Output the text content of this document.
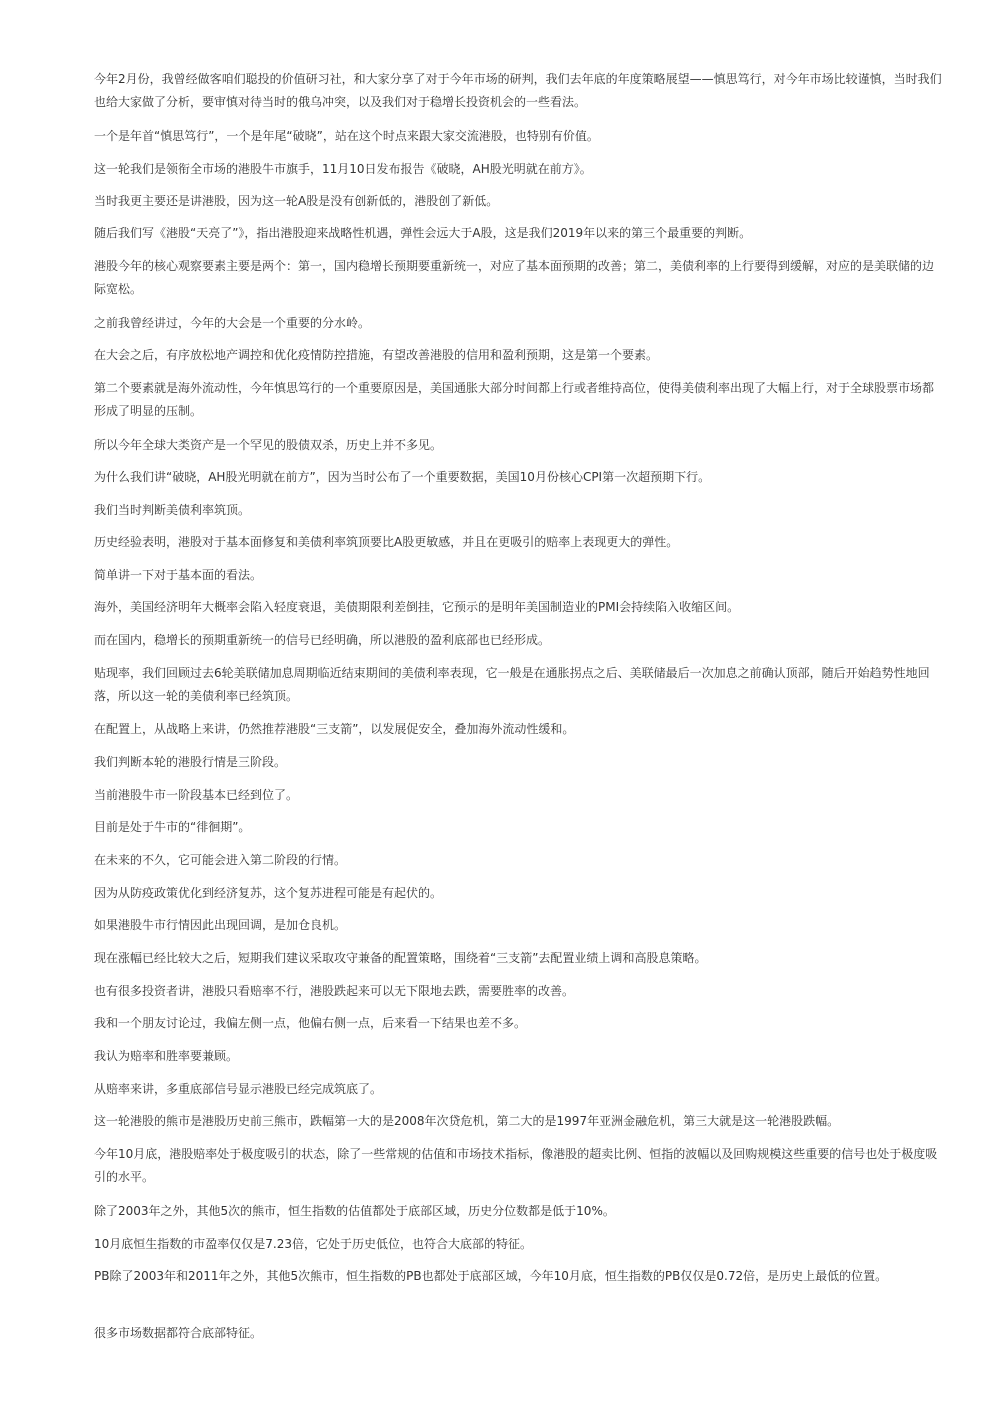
今年2月份，我曾经做客咱们聪投的价值研习社，和大家分享了对于今年市场的研判，我们去年底的年度策略展望——慎思笃行，对今年市场比较谨慎，当时我们也给大家做了分析，要审慎对待当时的俄乌冲突，以及我们对于稳增长投资机会的一些看法。

一个是年首“慎思笃行”，一个是年尾“破晓”，站在这个时点来跟大家交流港股，也特别有价值。

这一轮我们是领衔全市场的港股牛市旗手，11月10日发布报告《破晓，AH股光明就在前方》。

当时我更主要还是讲港股，因为这一轮A股是没有创新低的，港股创了新低。

随后我们写《港股“天亮了”》，指出港股迎来战略性机遇，弹性会远大于A股，这是我们2019年以来的第三个最重要的判断。

港股今年的核心观察要素主要是两个：第一，国内稳增长预期要重新统一，对应了基本面预期的改善；第二，美债利率的上行要得到缓解，对应的是美联储的边际宽松。

之前我曾经讲过，今年的大会是一个重要的分水岭。

在大会之后，有序放松地产调控和优化疫情防控措施，有望改善港股的信用和盈利预期，这是第一个要素。

第二个要素就是海外流动性，今年慎思笃行的一个重要原因是，美国通胀大部分时间都上行或者维持高位，使得美债利率出现了大幅上行，对于全球股票市场都形成了明显的压制。

所以今年全球大类资产是一个罕见的股债双杀，历史上并不多见。

为什么我们讲“破晓，AH股光明就在前方”，因为当时公布了一个重要数据，美国10月份核心CPI第一次超预期下行。

我们当时判断美债利率筑顶。

历史经验表明，港股对于基本面修复和美债利率筑顶要比A股更敏感，并且在更吸引的赔率上表现更大的弹性。

简单讲一下对于基本面的看法。

海外，美国经济明年大概率会陷入轻度衰退，美债期限利差倒挂，它预示的是明年美国制造业的PMI会持续陷入收缩区间。

而在国内，稳增长的预期重新统一的信号已经明确，所以港股的盈利底部也已经形成。

贴现率，我们回顾过去6轮美联储加息周期临近结束期间的美债利率表现，它一般是在通胀拐点之后、美联储最后一次加息之前确认顶部，随后开始趋势性地回落，所以这一轮的美债利率已经筑顶。

在配置上，从战略上来讲，仍然推荐港股“三支箭”，以发展促安全，叠加海外流动性缓和。

我们判断本轮的港股行情是三阶段。

当前港股牛市一阶段基本已经到位了。

目前是处于牛市的“徘徊期”。

在未来的不久，它可能会进入第二阶段的行情。

因为从防疫政策优化到经济复苏，这个复苏进程可能是有起伏的。

如果港股牛市行情因此出现回调，是加仓良机。

现在涨幅已经比较大之后，短期我们建议采取攻守兼备的配置策略，围绕着“三支箭”去配置业绩上调和高股息策略。

也有很多投资者讲，港股只看赔率不行，港股跌起来可以无下限地去跌，需要胜率的改善。

我和一个朋友讨论过，我偏左侧一点，他偏右侧一点，后来看一下结果也差不多。

我认为赔率和胜率要兼顾。

从赔率来讲，多重底部信号显示港股已经完成筑底了。

这一轮港股的熊市是港股历史前三熊市，跌幅第一大的是2008年次贷危机，第二大的是1997年亚洲金融危机，第三大就是这一轮港股跌幅。

今年10月底，港股赔率处于极度吸引的状态，除了一些常规的估值和市场技术指标，像港股的超卖比例、恒指的波幅以及回购规模这些重要的信号也处于极度吸引的水平。

除了2003年之外，其他5次的熊市，恒生指数的估值都处于底部区域，历史分位数都是低于10%。

10月底恒生指数的市盈率仅仅是7.23倍，它处于历史低位，也符合大底部的特征。

PB除了2003年和2011年之外，其他5次熊市，恒生指数的PB也都处于底部区域，今年10月底，恒生指数的PB仅仅是0.72倍，是历史上最低的位置。

很多市场数据都符合底部特征。
